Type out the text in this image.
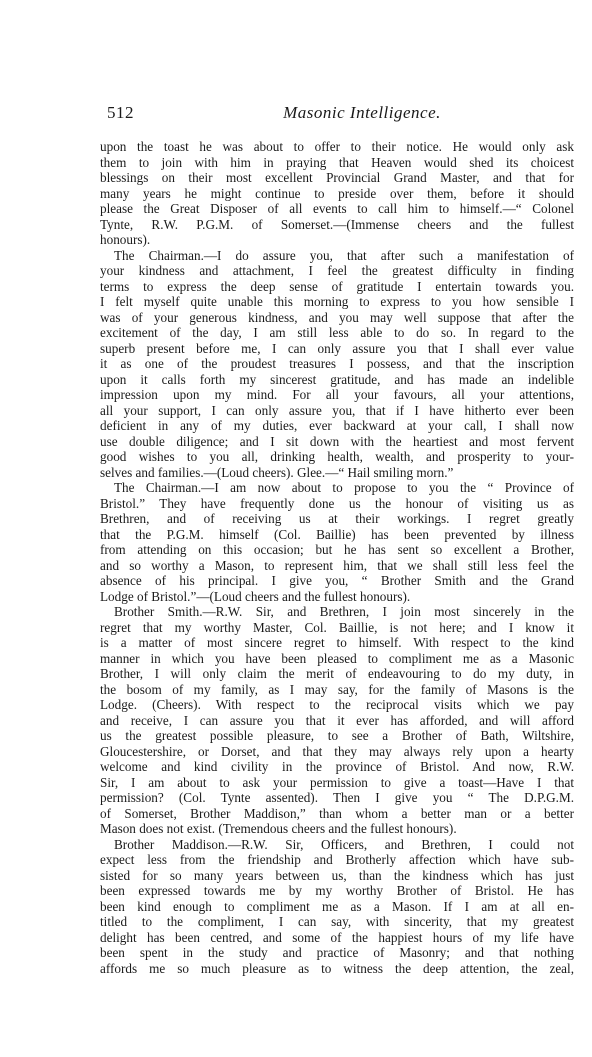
512	Masonic Intelligence.
upon the toast he was about to offer to their notice. He would only ask
them to join with him in praying that Heaven would shed its choicest
blessings on their most excellent Provincial Grand Master, and that for
many years he might continue to preside over them, before it should
please the Great Disposer of all events to call him to himself.—“ Colonel
Tynte, R.W. P.G.M. of Somerset.—(Immense cheers and the fullest
honours).
The Chairman.—I do assure you, that after such a manifestation of
your kindness and attachment, I feel the greatest difficulty in finding
terms to express the deep sense of gratitude I entertain towards you.
I felt myself quite unable this morning to express to you how sensible I
was of your generous kindness, and you may well suppose that after the
excitement of the day, I am still less able to do so. In regard to the
superb present before me, I can only assure you that I shall ever value
it as one of the proudest treasures I possess, and that the inscription
upon it calls forth my sincerest gratitude, and has made an indelible
impression upon my mind. For all your favours, all your attentions,
all your support, I can only assure you, that if I have hitherto ever been
deficient in any of my duties, ever backward at your call, I shall now
use double diligence; and I sit down with the heartiest and most fervent
good wishes to you all, drinking health, wealth, and prosperity to your-
selves and families.—(Loud cheers). Glee.—“ Hail smiling morn.”
The Chairman.—I am now about to propose to you the “ Province of
Bristol.” They have frequently done us the honour of visiting us as
Brethren, and of receiving us at their workings. I regret greatly
that the P.G.M. himself (Col. Baillie) has been prevented by illness
from attending on this occasion; but he has sent so excellent a Brother,
and so worthy a Mason, to represent him, that we shall still less feel the
absence of his principal. I give you, “ Brother Smith and the Grand
Lodge of Bristol.”—(Loud cheers and the fullest honours).
Brother Smith.—R.W. Sir, and Brethren, I join most sincerely in the
regret that my worthy Master, Col. Baillie, is not here; and I know it
is a matter of most sincere regret to himself. With respect to the kind
manner in which you have been pleased to compliment me as a Masonic
Brother, I will only claim the merit of endeavouring to do my duty, in
the bosom of my family, as I may say, for the family of Masons is the
Lodge. (Cheers). With respect to the reciprocal visits which we pay
and receive, I can assure you that it ever has afforded, and will afford
us the greatest possible pleasure, to see a Brother of Bath, Wiltshire,
Gloucestershire, or Dorset, and that they may always rely upon a hearty
welcome and kind civility in the province of Bristol. And now, R.W.
Sir, I am about to ask your permission to give a toast—Have I that
permission? (Col. Tynte assented). Then I give you “ The D.P.G.M.
of Somerset, Brother Maddison,” than whom a better man or a better
Mason does not exist. (Tremendous cheers and the fullest honours).
Brother Maddison.—R.W. Sir, Officers, and Brethren, I could not
expect less from the friendship and Brotherly affection which have sub-
sisted for so many years between us, than the kindness which has just
been expressed towards me by my worthy Brother of Bristol. He has
been kind enough to compliment me as a Mason. If I am at all en-
titled to the compliment, I can say, with sincerity, that my greatest
delight has been centred, and some of the happiest hours of my life have
been spent in the study and practice of Masonry; and that nothing
affords me so much pleasure as to witness the deep attention, the zeal,
